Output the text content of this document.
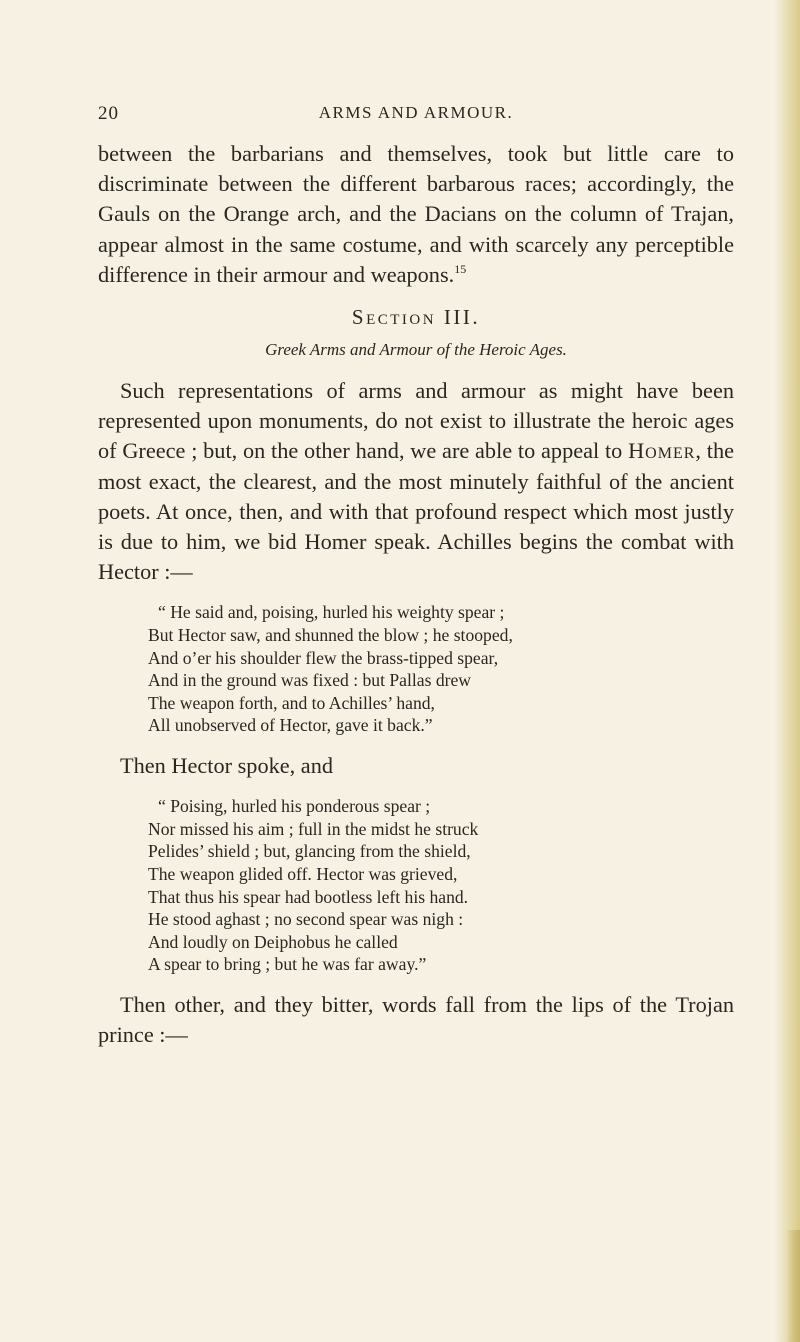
20	ARMS AND ARMOUR.

between the barbarians and themselves, took but little care to discriminate between the different barbarous races; accordingly, the Gauls on the Orange arch, and the Dacians on the column of Trajan, appear almost in the same costume, and with scarcely any perceptible difference in their armour and weapons.$^{15}$

Section III.
Greek Arms and Armour of the Heroic Ages.

Such representations of arms and armour as might have been represented upon monuments, do not exist to illustrate the heroic ages of Greece ; but, on the other hand, we are able to appeal to Homer, the most exact, the clearest, and the most minutely faithful of the ancient poets. At once, then, and with that profound respect which most justly is due to him, we bid Homer speak. Achilles begins the combat with Hector :—

“ He said and, poising, hurled his weighty spear ;
But Hector saw, and shunned the blow ; he stooped,
And o’er his shoulder flew the brass-tipped spear,
And in the ground was fixed : but Pallas drew
The weapon forth, and to Achilles’ hand,
All unobserved of Hector, gave it back.”

Then Hector spoke, and

“ Poising, hurled his ponderous spear ;
Nor missed his aim ; full in the midst he struck
Pelides’ shield ; but, glancing from the shield,
The weapon glided off. Hector was grieved,
That thus his spear had bootless left his hand.
He stood aghast ; no second spear was nigh :
And loudly on Deiphobus he called
A spear to bring ; but he was far away.”

Then other, and they bitter, words fall from the lips of the Trojan prince :—
